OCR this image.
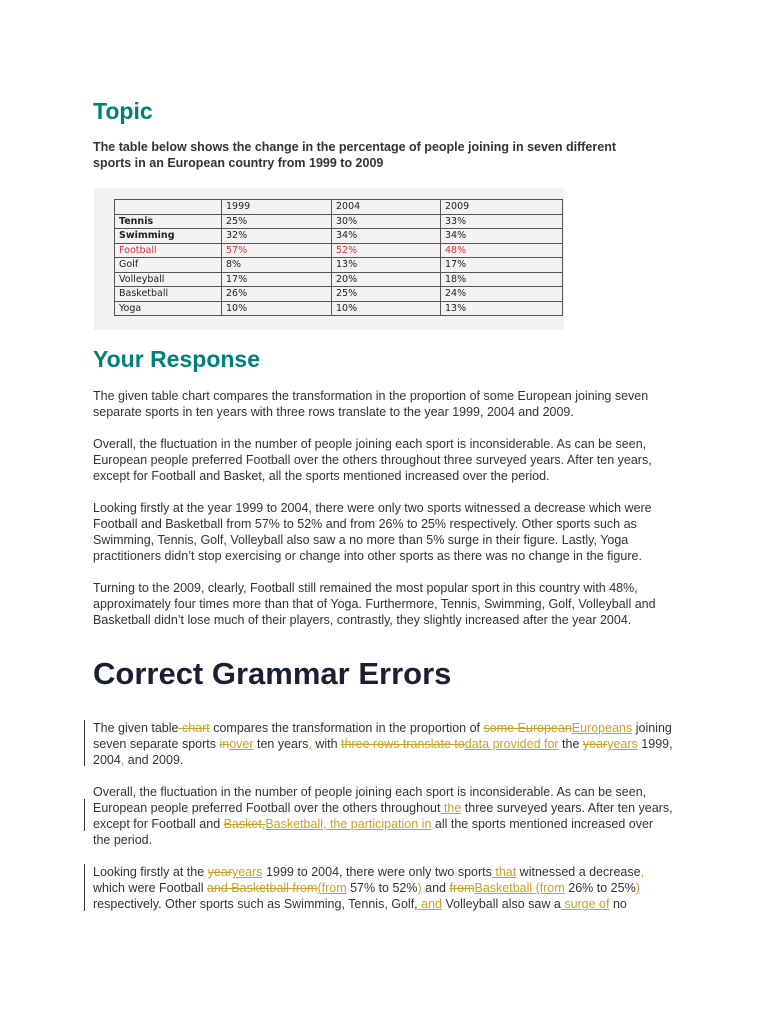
Topic
The table below shows the change in the percentage of people joining in seven different sports in an European country from 1999 to 2009
	1999	2004	2009
Tennis	25%	30%	33%
Swimming	32%	34%	34%
Football	57%	52%	48%
Golf	8%	13%	17%
Volleyball	17%	20%	18%
Basketball	26%	25%	24%
Yoga	10%	10%	13%
Your Response
The given table chart compares the transformation in the proportion of some European joining seven separate sports in ten years with three rows translate to the year 1999, 2004 and 2009.
Overall, the fluctuation in the number of people joining each sport is inconsiderable. As can be seen, European people preferred Football over the others throughout three surveyed years. After ten years, except for Football and Basket, all the sports mentioned increased over the period.
Looking firstly at the year 1999 to 2004, there were only two sports witnessed a decrease which were Football and Basketball from 57% to 52% and from 26% to 25% respectively. Other sports such as Swimming, Tennis, Golf, Volleyball also saw a no more than 5% surge in their figure. Lastly, Yoga practitioners didn’t stop exercising or change into other sports as there was no change in the figure.
Turning to the 2009, clearly, Football still remained the most popular sport in this country with 48%, approximately four times more than that of Yoga. Furthermore, Tennis, Swimming, Golf, Volleyball and Basketball didn’t lose much of their players, contrastly, they slightly increased after the year 2004.
Correct Grammar Errors
The given table chart compares the transformation in the proportion of some EuropeanEuropeans joining seven separate sports inover ten years, with three rows translate todata provided for the yearyears 1999, 2004, and 2009.
Overall, the fluctuation in the number of people joining each sport is inconsiderable. As can be seen, European people preferred Football over the others throughout the three surveyed years. After ten years, except for Football and Basket,Basketball, the participation in all the sports mentioned increased over the period.
Looking firstly at the yearyears 1999 to 2004, there were only two sports that witnessed a decrease, which were Football and Basketball from(from 57% to 52%) and fromBasketball (from 26% to 25%) respectively. Other sports such as Swimming, Tennis, Golf, and Volleyball also saw a surge of no
